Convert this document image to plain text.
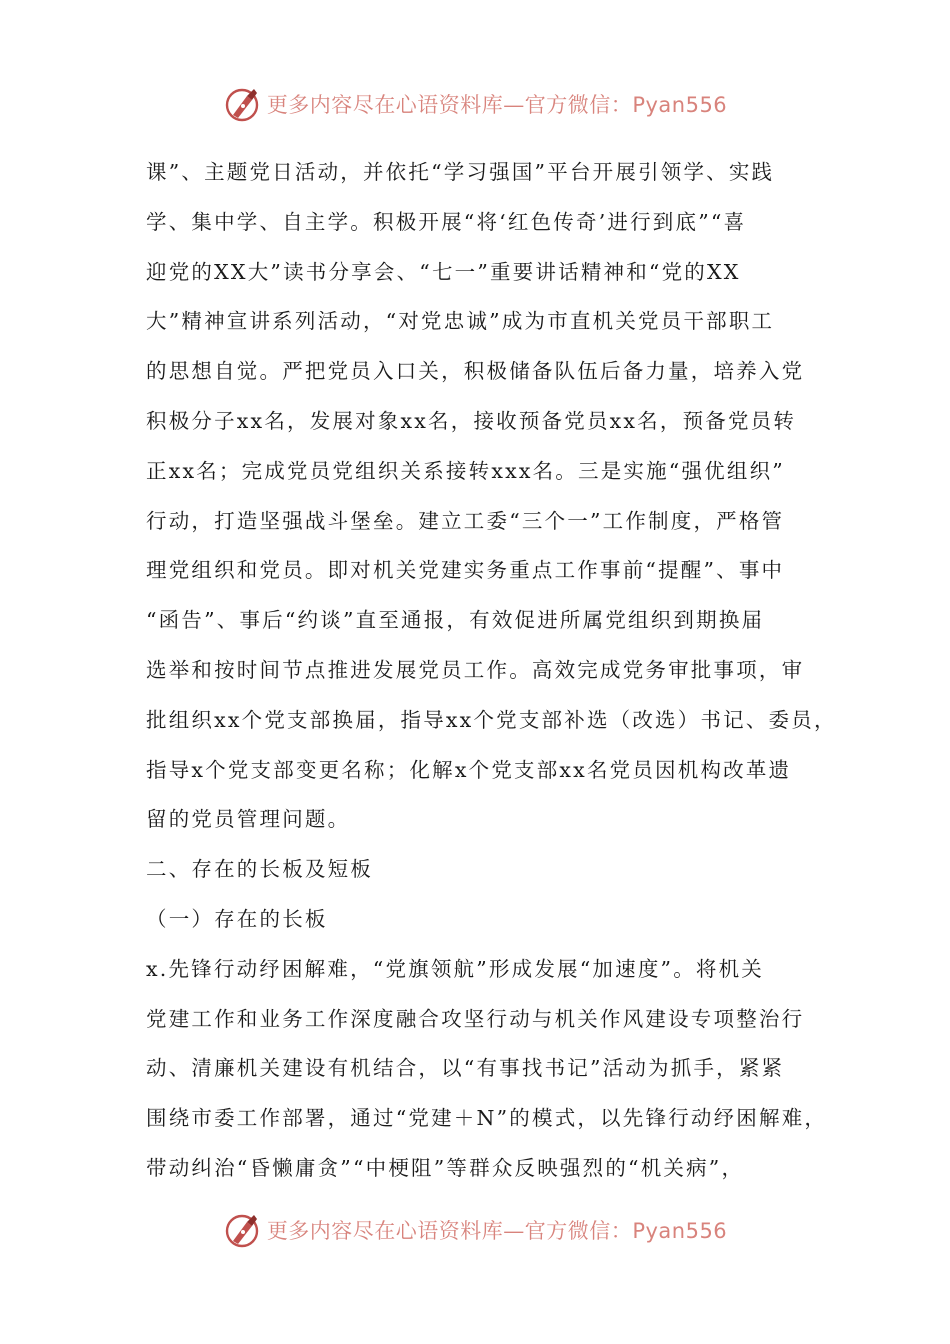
更多内容尽在心语资料库—官方微信：Pyan556
课”、主题党日活动，并依托“学习强国”平台开展引领学、实践
学、集中学、自主学。积极开展“将‘红色传奇’进行到底”“喜
迎党的XX大”读书分享会、“七一”重要讲话精神和“党的XX
大”精神宣讲系列活动，“对党忠诚”成为市直机关党员干部职工
的思想自觉。严把党员入口关，积极储备队伍后备力量，培养入党
积极分子xx名，发展对象xx名，接收预备党员xx名，预备党员转
正xx名；完成党员党组织关系接转xxx名。三是实施“强优组织”
行动，打造坚强战斗堡垒。建立工委“三个一”工作制度，严格管
理党组织和党员。即对机关党建实务重点工作事前“提醒”、事中
“函告”、事后“约谈”直至通报，有效促进所属党组织到期换届
选举和按时间节点推进发展党员工作。高效完成党务审批事项，审
批组织xx个党支部换届，指导xx个党支部补选（改选）书记、委员，
指导x个党支部变更名称；化解x个党支部xx名党员因机构改革遗
留的党员管理问题。
二、存在的长板及短板
（一）存在的长板
x.先锋行动纾困解难，“党旗领航”形成发展“加速度”。将机关
党建工作和业务工作深度融合攻坚行动与机关作风建设专项整治行
动、清廉机关建设有机结合，以“有事找书记”活动为抓手，紧紧
围绕市委工作部署，通过“党建＋N”的模式，以先锋行动纾困解难，
带动纠治“昏懒庸贪”“中梗阻”等群众反映强烈的“机关病”，
更多内容尽在心语资料库—官方微信：Pyan556
